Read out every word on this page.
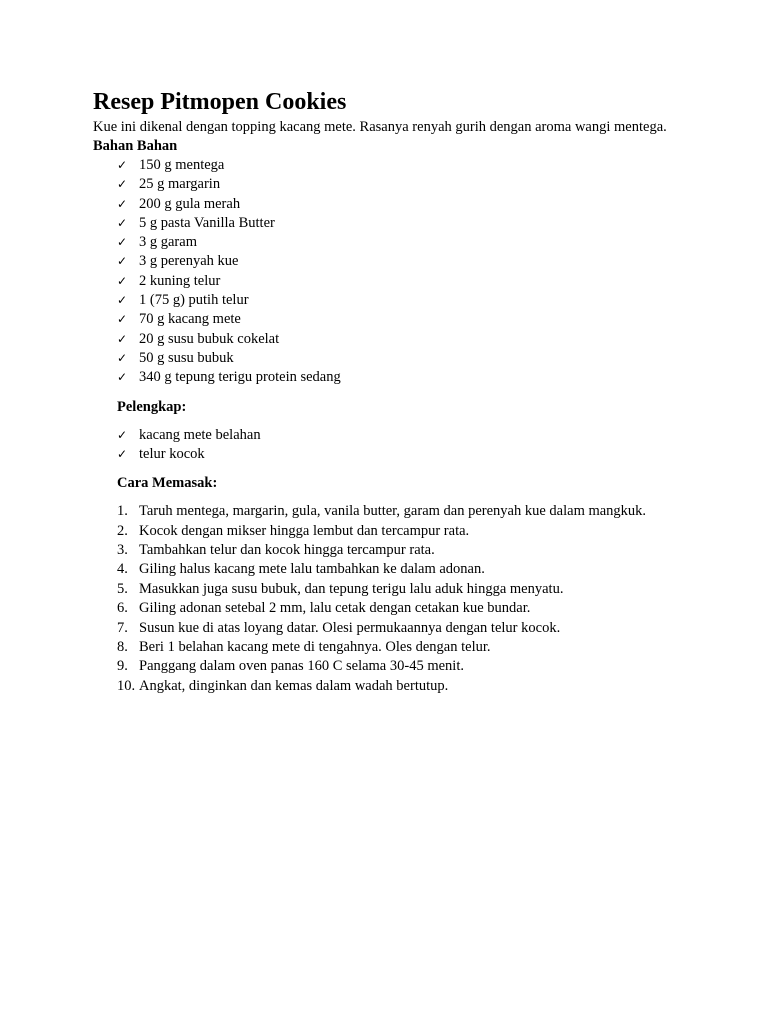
Resep Pitmopen Cookies

Kue ini dikenal dengan topping kacang mete. Rasanya renyah gurih dengan aroma wangi mentega.

Bahan Bahan

✓ 150 g mentega
✓ 25 g margarin
✓ 200 g gula merah
✓ 5 g pasta Vanilla Butter
✓ 3 g garam
✓ 3 g perenyah kue
✓ 2 kuning telur
✓ 1 (75 g) putih telur
✓ 70 g kacang mete
✓ 20 g susu bubuk cokelat
✓ 50 g susu bubuk
✓ 340 g tepung terigu protein sedang

Pelengkap:

✓ kacang mete belahan
✓ telur kocok

Cara Memasak:

1. Taruh mentega, margarin, gula, vanila butter, garam dan perenyah kue dalam mangkuk.
2. Kocok dengan mikser hingga lembut dan tercampur rata.
3. Tambahkan telur dan kocok hingga tercampur rata.
4. Giling halus kacang mete lalu tambahkan ke dalam adonan.
5. Masukkan juga susu bubuk, dan tepung terigu lalu aduk hingga menyatu.
6. Giling adonan setebal 2 mm, lalu cetak dengan cetakan kue bundar.
7. Susun kue di atas loyang datar. Olesi permukaannya dengan telur kocok.
8. Beri 1 belahan kacang mete di tengahnya. Oles dengan telur.
9. Panggang dalam oven panas 160 C selama 30-45 menit.
10. Angkat, dinginkan dan kemas dalam wadah bertutup.
